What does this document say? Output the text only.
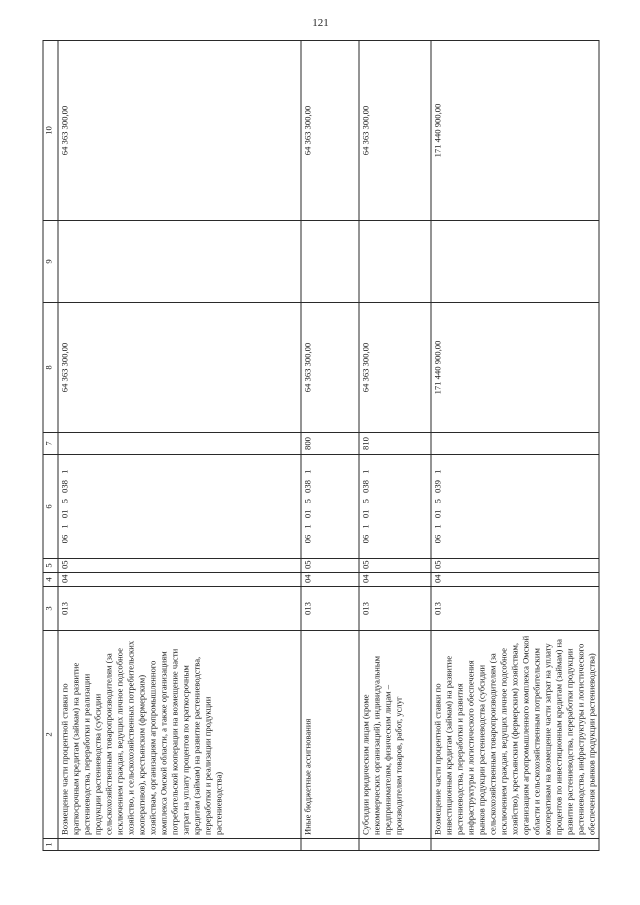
121
1	2	3	4	5	6	7	8	9	10
	Возмещение части процентной ставки по краткосрочным кредитам (займам) на развитие растениеводства, переработки и реализации продукции растениеводства (субсидии сельскохозяйственным товаропроизводителям (за исключением граждан, ведущих личное подсобное хозяйство, и сельскохозяйственных потребительских кооперативов), крестьянским (фермерским) хозяйствам, организациям агропромышленного комплекса Омской области, а также организациям потребительской кооперации на возмещение части затрат на уплату процентов по краткосрочным кредитам (займам) на развитие растениеводства, переработки и реализации продукции растениеводства)	013	04	05	06 1 01 5 038 1		64 363 300,00		64 363 300,00
	Иные бюджетные ассигнования	013	04	05	06 1 01 5 038 1	800	64 363 300,00		64 363 300,00
	Субсидии юридическим лицам (кроме некоммерческих организаций), индивидуальным предпринимателям, физическим лицам – производителям товаров, работ, услуг	013	04	05	06 1 01 5 038 1	810	64 363 300,00		64 363 300,00
	Возмещение части процентной ставки по инвестиционным кредитам (займам) на развитие растениеводства, переработки и развития инфраструктуры и логистического обеспечения рынков продукции растениеводства (субсидии сельскохозяйственным товаропроизводителям (за исключением граждан, ведущих личное подсобное хозяйство), крестьянским (фермерским) хозяйствам, организациям агропромышленного комплекса Омской области и сельскохозяйственным потребительским кооперативам на возмещение части затрат на уплату процентов по инвестиционным кредитам (займам) на развитие растениеводства, переработки продукции растениеводства, инфраструктуры и логистического обеспечения рынков продукции растениеводства)	013	04	05	06 1 01 5 039 1		171 440 900,00		171 440 900,00
